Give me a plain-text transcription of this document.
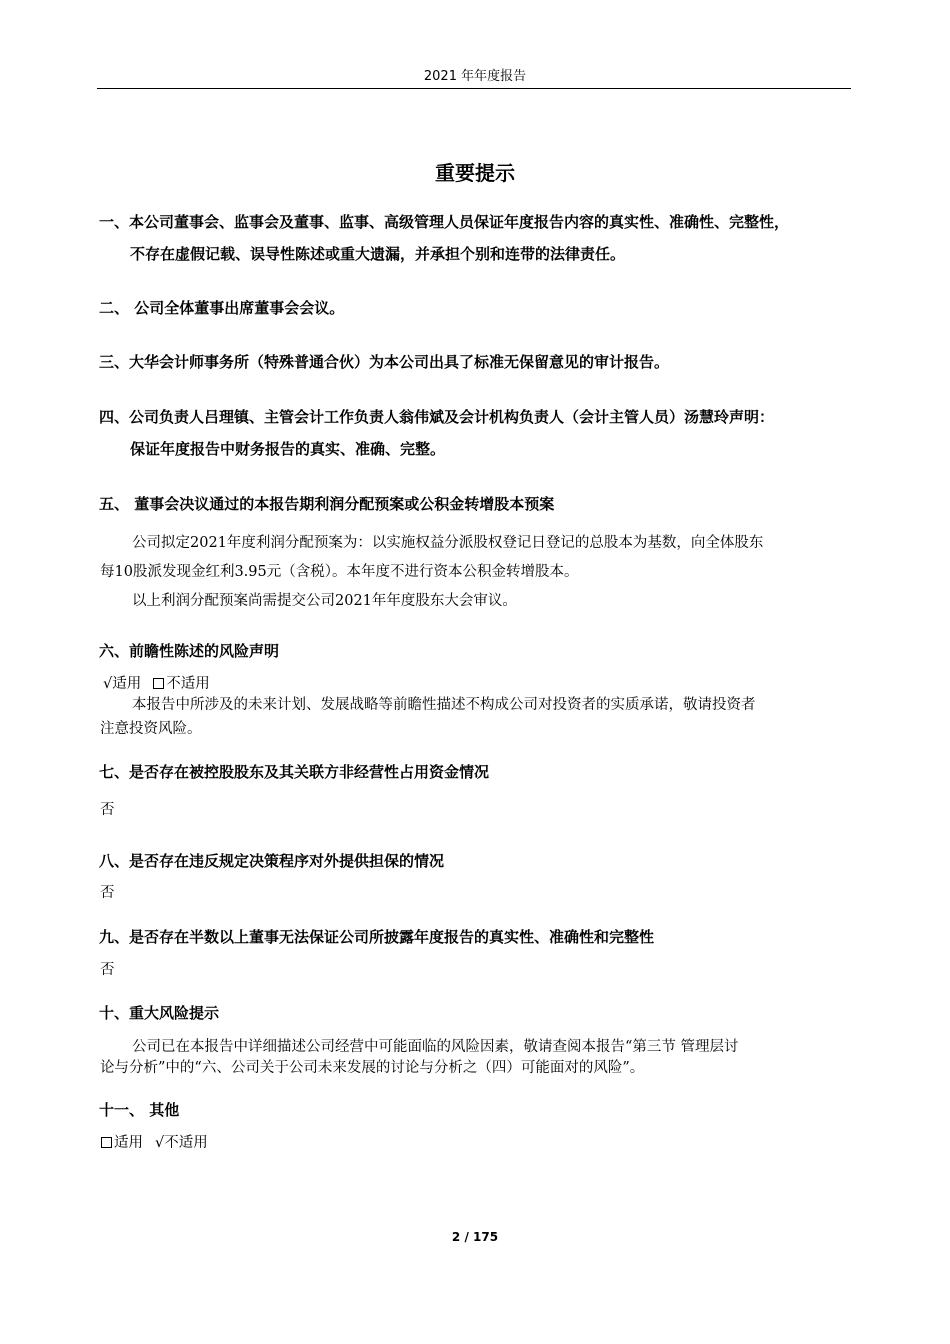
2021 年年度报告
重要提示
一、本公司董事会、监事会及董事、监事、高级管理人员保证年度报告内容的真实性、准确性、完整性，
不存在虚假记载、误导性陈述或重大遗漏，并承担个别和连带的法律责任。
二、 公司全体董事出席董事会会议。
三、大华会计师事务所（特殊普通合伙）为本公司出具了标准无保留意见的审计报告。
四、公司负责人吕理镇、主管会计工作负责人翁伟斌及会计机构负责人（会计主管人员）汤慧玲声明：
保证年度报告中财务报告的真实、准确、完整。
五、 董事会决议通过的本报告期利润分配预案或公积金转增股本预案
公司拟定2021年度利润分配预案为：以实施权益分派股权登记日登记的总股本为基数，向全体股东
每10股派发现金红利3.95元（含税）。本年度不进行资本公积金转增股本。
以上利润分配预案尚需提交公司2021年年度股东大会审议。
六、前瞻性陈述的风险声明
√适用 不适用
本报告中所涉及的未来计划、发展战略等前瞻性描述不构成公司对投资者的实质承诺，敬请投资者
注意投资风险。
七、是否存在被控股股东及其关联方非经营性占用资金情况
否
八、是否存在违反规定决策程序对外提供担保的情况
否
九、是否存在半数以上董事无法保证公司所披露年度报告的真实性、准确性和完整性
否
十、重大风险提示
公司已在本报告中详细描述公司经营中可能面临的风险因素，敬请查阅本报告“第三节 管理层讨
论与分析”中的“六、公司关于公司未来发展的讨论与分析之（四）可能面对的风险”。
十一、 其他
适用 √不适用
2 / 175
